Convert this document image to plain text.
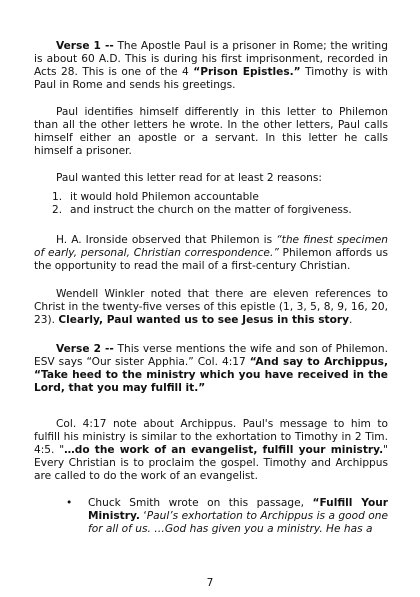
Verse 1 -- The Apostle Paul is a prisoner in Rome; the writing is about 60 A.D. This is during his first imprisonment, recorded in Acts 28. This is one of the 4 “Prison Epistles.” Timothy is with Paul in Rome and sends his greetings.

Paul identifies himself differently in this letter to Philemon than all the other letters he wrote. In the other letters, Paul calls himself either an apostle or a servant. In this letter he calls himself a prisoner.

Paul wanted this letter read for at least 2 reasons:

1. it would hold Philemon accountable
2. and instruct the church on the matter of forgiveness.

H. A. Ironside observed that Philemon is “the finest specimen of early, personal, Christian correspondence.” Philemon affords us the opportunity to read the mail of a first-century Christian.

Wendell Winkler noted that there are eleven references to Christ in the twenty-five verses of this epistle (1, 3, 5, 8, 9, 16, 20, 23). Clearly, Paul wanted us to see Jesus in this story.

Verse 2 -- This verse mentions the wife and son of Philemon. ESV says “Our sister Apphia.” Col. 4:17 “And say to Archippus, “Take heed to the ministry which you have received in the Lord, that you may fulfill it.”

Col. 4:17 note about Archippus. Paul's message to him to fulfill his ministry is similar to the exhortation to Timothy in 2 Tim. 4:5. "…do the work of an evangelist, fulfill your ministry." Every Christian is to proclaim the gospel. Timothy and Archippus are called to do the work of an evangelist.

• Chuck Smith wrote on this passage, “Fulfill Your Ministry. ‘Paul’s exhortation to Archippus is a good one for all of us. …God has given you a ministry. He has a
7
